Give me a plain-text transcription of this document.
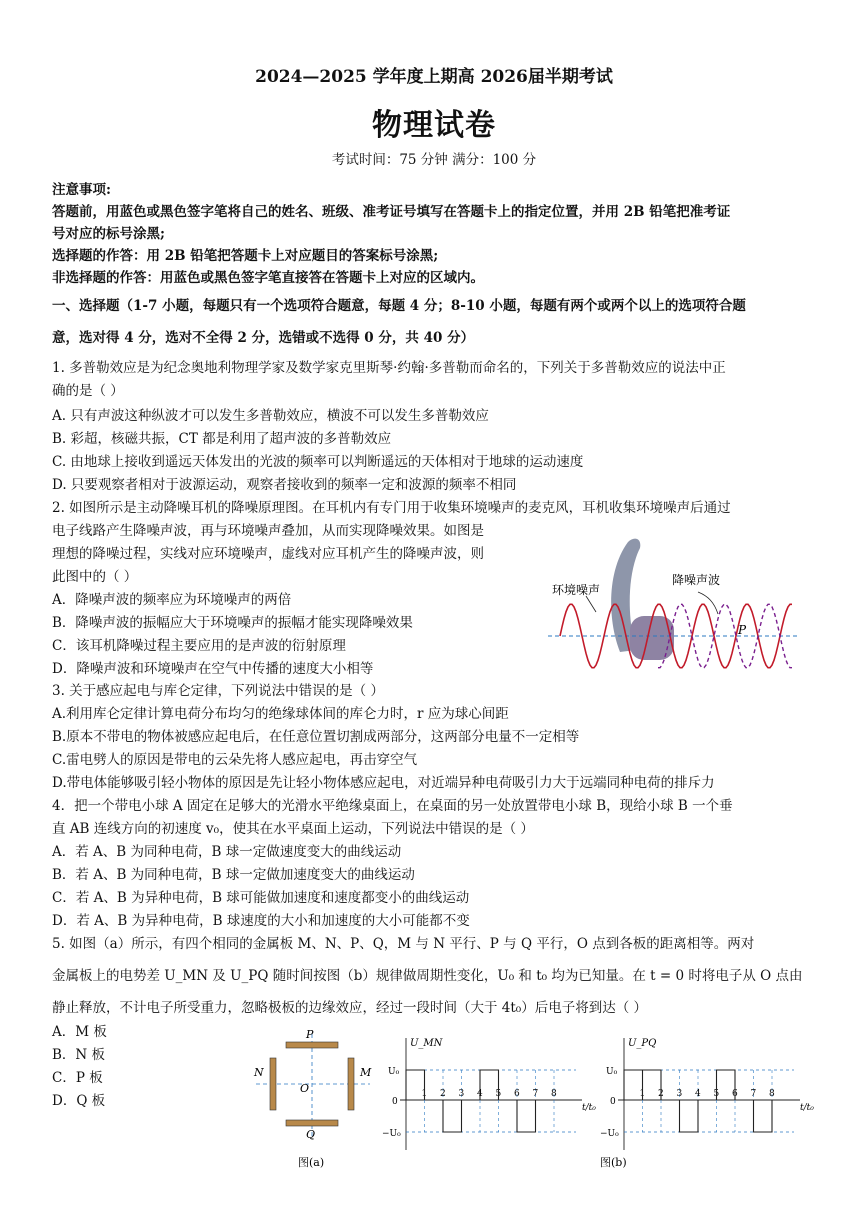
2024—2025 学年度上期高 2026届半期考试
物理试卷
考试时间：75 分钟 满分：100 分
注意事项:
答题前，用蓝色或黑色签字笔将自己的姓名、班级、准考证号填写在答题卡上的指定位置，并用 2B 铅笔把准考证
号对应的标号涂黑;
选择题的作答：用 2B 铅笔把答题卡上对应题目的答案标号涂黑;
非选择题的作答：用蓝色或黑色签字笔直接答在答题卡上对应的区域内。
一、选择题（1-7 小题，每题只有一个选项符合题意，每题 4 分；8-10 小题，每题有两个或两个以上的选项符合题
意，选对得 4 分，选对不全得 2 分，选错或不选得 0 分，共 40 分）
1. 多普勒效应是为纪念奥地利物理学家及数学家克里斯琴·约翰·多普勒而命名的，下列关于多普勒效应的说法中正
确的是（ ）
A. 只有声波这种纵波才可以发生多普勒效应，横波不可以发生多普勒效应
B. 彩超，核磁共振，CT 都是利用了超声波的多普勒效应
C. 由地球上接收到遥远天体发出的光波的频率可以判断遥远的天体相对于地球的运动速度
D. 只要观察者相对于波源运动，观察者接收到的频率一定和波源的频率不相同
2. 如图所示是主动降噪耳机的降噪原理图。在耳机内有专门用于收集环境噪声的麦克风，耳机收集环境噪声后通过
电子线路产生降噪声波，再与环境噪声叠加，从而实现降噪效果。如图是
理想的降噪过程，实线对应环境噪声，虚线对应耳机产生的降噪声波，则
此图中的（ ）
A．降噪声波的频率应为环境噪声的两倍
B．降噪声波的振幅应大于环境噪声的振幅才能实现降噪效果
C．该耳机降噪过程主要应用的是声波的衍射原理
D．降噪声波和环境噪声在空气中传播的速度大小相等
环境噪声
降噪声波
P
3. 关于感应起电与库仑定律，下列说法中错误的是（ ）
A.利用库仑定律计算电荷分布均匀的绝缘球体间的库仑力时，r 应为球心间距
B.原本不带电的物体被感应起电后，在任意位置切割成两部分，这两部分电量不一定相等
C.雷电劈人的原因是带电的云朵先将人感应起电，再击穿空气
D.带电体能够吸引轻小物体的原因是先让轻小物体感应起电，对近端异种电荷吸引力大于远端同种电荷的排斥力
4．把一个带电小球 A 固定在足够大的光滑水平绝缘桌面上，在桌面的另一处放置带电小球 B，现给小球 B 一个垂
直 AB 连线方向的初速度 v₀，使其在水平桌面上运动，下列说法中错误的是（ ）
A．若 A、B 为同种电荷，B 球一定做速度变大的曲线运动
B．若 A、B 为同种电荷，B 球一定做加速度变大的曲线运动
C．若 A、B 为异种电荷，B 球可能做加速度和速度都变小的曲线运动
D．若 A、B 为异种电荷，B 球速度的大小和加速度的大小可能都不变
5. 如图（a）所示，有四个相同的金属板 M、N、P、Q，M 与 N 平行、P 与 Q 平行，O 点到各板的距离相等。两对
金属板上的电势差 U_MN 及 U_PQ 随时间按图（b）规律做周期性变化，U₀ 和 t₀ 均为已知量。在 t = 0 时将电子从 O 点由
静止释放，不计电子所受重力，忽略极板的边缘效应，经过一段时间（大于 4t₀）后电子将到达（ ）
A．M 板
B．N 板
C．P 板
D．Q 板
P
Q
N	M
O
图(a)
U_MN
U₀
−U₀
0
t/t₀
1 2 3 4 5 6 7 8
U_PQ
U₀
−U₀
0
t/t₀
1 2 3 4 5 6 7 8
图(b)
